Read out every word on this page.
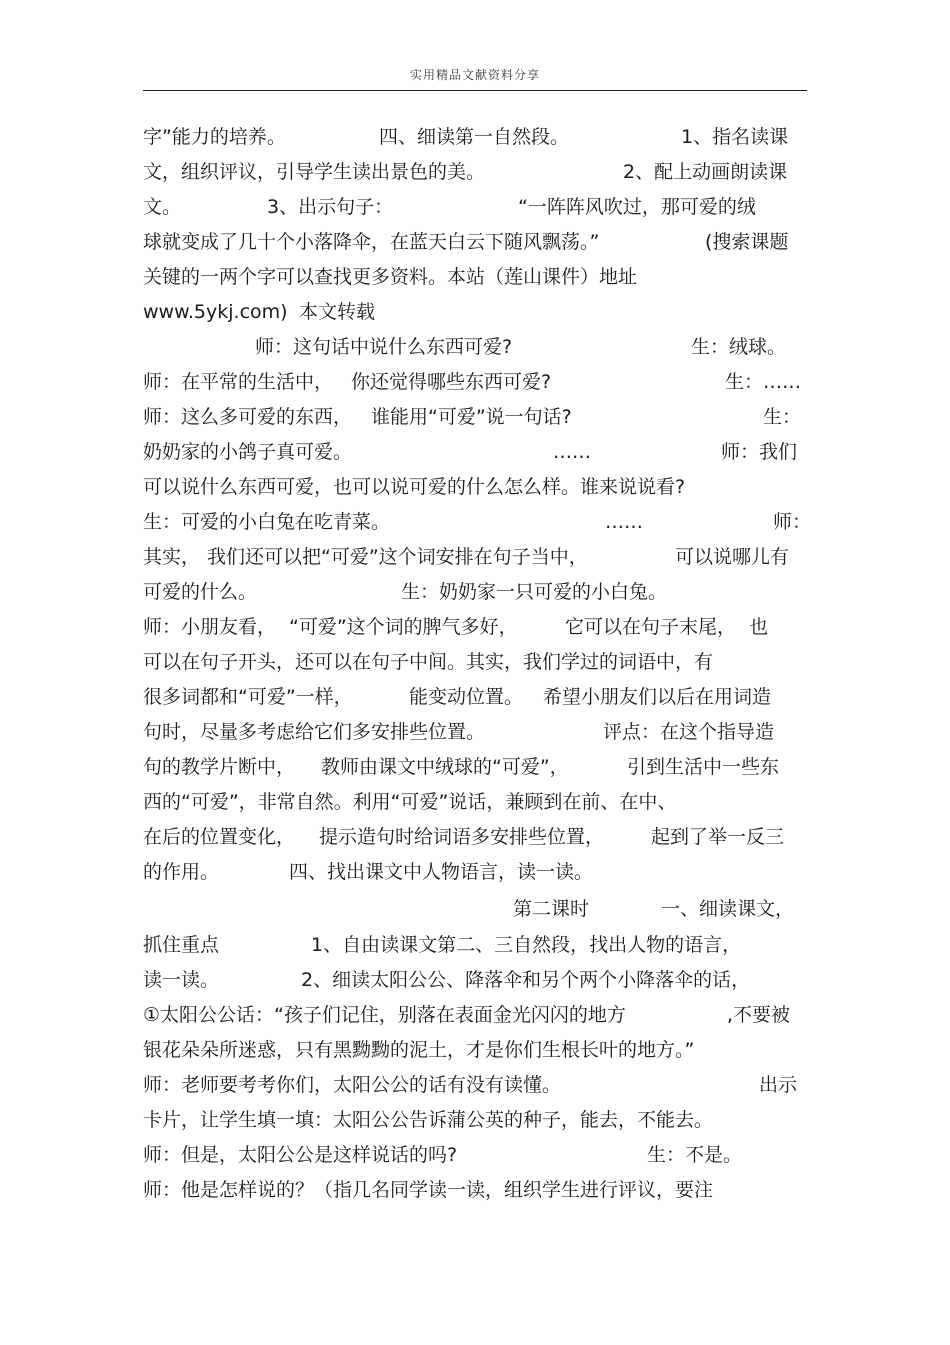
实用精品文献资料分享

字”能力的培养。

	四、细读第一自然段。

	1、指名读课

文，组织评议，引导学生读出景色的美。

	2、配上动画朗读课

文。

	3、出示句子：

	“一阵阵风吹过，那可爱的绒

球就变成了几十个小落降伞，在蓝天白云下随风飘荡。”

	(搜索课题

关键的一两个字可以查找更多资料。本站（莲山课件）地址

www.5ykj.com)

本文转载

师：这句话中说什么东西可爱?

	生：绒球。

师：在平常的生活中，

你还觉得哪些东西可爱?

	生：……

师：这么多可爱的东西，

谁能用“可爱”说一句话?

	生：

奶奶家的小鸽子真可爱。

	……

	师：我们

可以说什么东西可爱，也可以说可爱的什么怎么样。谁来说说看?

生：可爱的小白兔在吃青菜。

	……

	师：

其实，

我们还可以把“可爱”这个词安排在句子当中，

	可以说哪儿有

可爱的什么。

	生：奶奶家一只可爱的小白兔。

师：小朋友看，

“可爱”这个词的脾气多好，

它可以在句子末尾，

也

可以在句子开头，还可以在句子中间。其实，我们学过的词语中，有

很多词都和“可爱”一样，

	能变动位置。

希望小朋友们以后在用词造

句时，尽量多考虑给它们多安排些位置。

	评点：在这个指导造

句的教学片断中，

教师由课文中绒球的“可爱”，

	引到生活中一些东

西的“可爱”，非常自然。利用“可爱”说话，兼顾到在前、在中、

在后的位置变化，

提示造句时给词语多安排些位置，

起到了举一反三

的作用。

	四、找出课文中人物语言，读一读。

第二课时

	一、细读课文，

抓住重点

	1、自由读课文第二、三自然段，找出人物的语言，

读一读。

	2、细读太阳公公、降落伞和另个两个小降落伞的话，

①太阳公公话：“孩子们记住，别落在表面金光闪闪的地方

	,不要被

银花朵朵所迷惑，只有黑黝黝的泥土，才是你们生根长叶的地方。”

师：老师要考考你们，太阳公公的话有没有读懂。

	出示

卡片，让学生填一填：太阳公公告诉蒲公英的种子，能去，不能去。

师：但是，太阳公公是这样说话的吗?

	生：不是。

师：他是怎样说的？（指几名同学读一读，组织学生进行评议，要注
